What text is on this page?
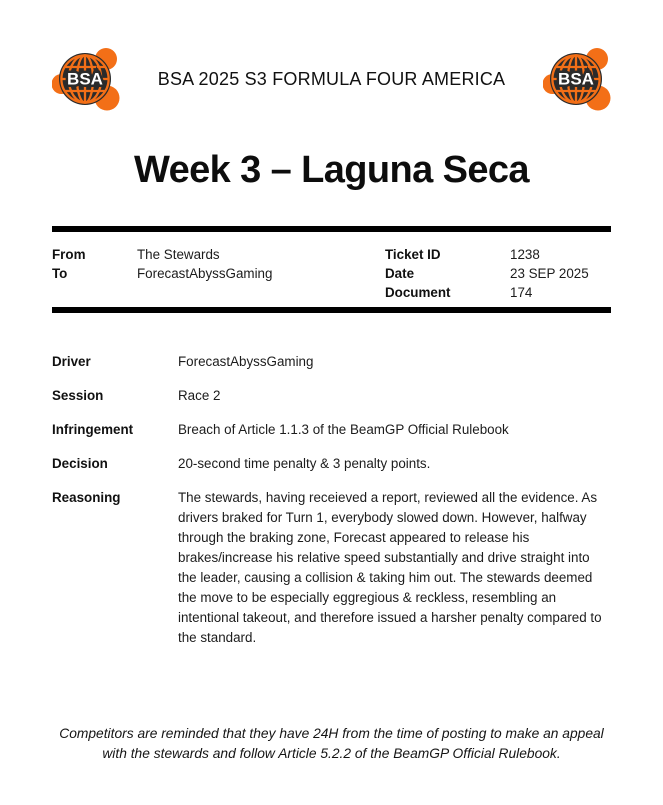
BSA	BSA 2025 S3 FORMULA FOUR AMERICA	BSA
Week 3 – Laguna Seca
From	The Stewards
To	ForecastAbyssGaming
Ticket ID	1238
Date	23 SEP 2025
Document	174
Driver	ForecastAbyssGaming
Session	Race 2
Infringement	Breach of Article 1.1.3 of the BeamGP Official Rulebook
Decision	20-second time penalty & 3 penalty points.
Reasoning	The stewards, having receieved a report, reviewed all the evidence. As drivers braked for Turn 1, everybody slowed down. However, halfway through the braking zone, Forecast appeared to release his brakes/increase his relative speed substantially and drive straight into the leader, causing a collision & taking him out. The stewards deemed the move to be especially eggregious & reckless, resembling an intentional takeout, and therefore issued a harsher penalty compared to the standard.
Competitors are reminded that they have 24H from the time of posting to make an appeal with the stewards and follow Article 5.2.2 of the BeamGP Official Rulebook.
